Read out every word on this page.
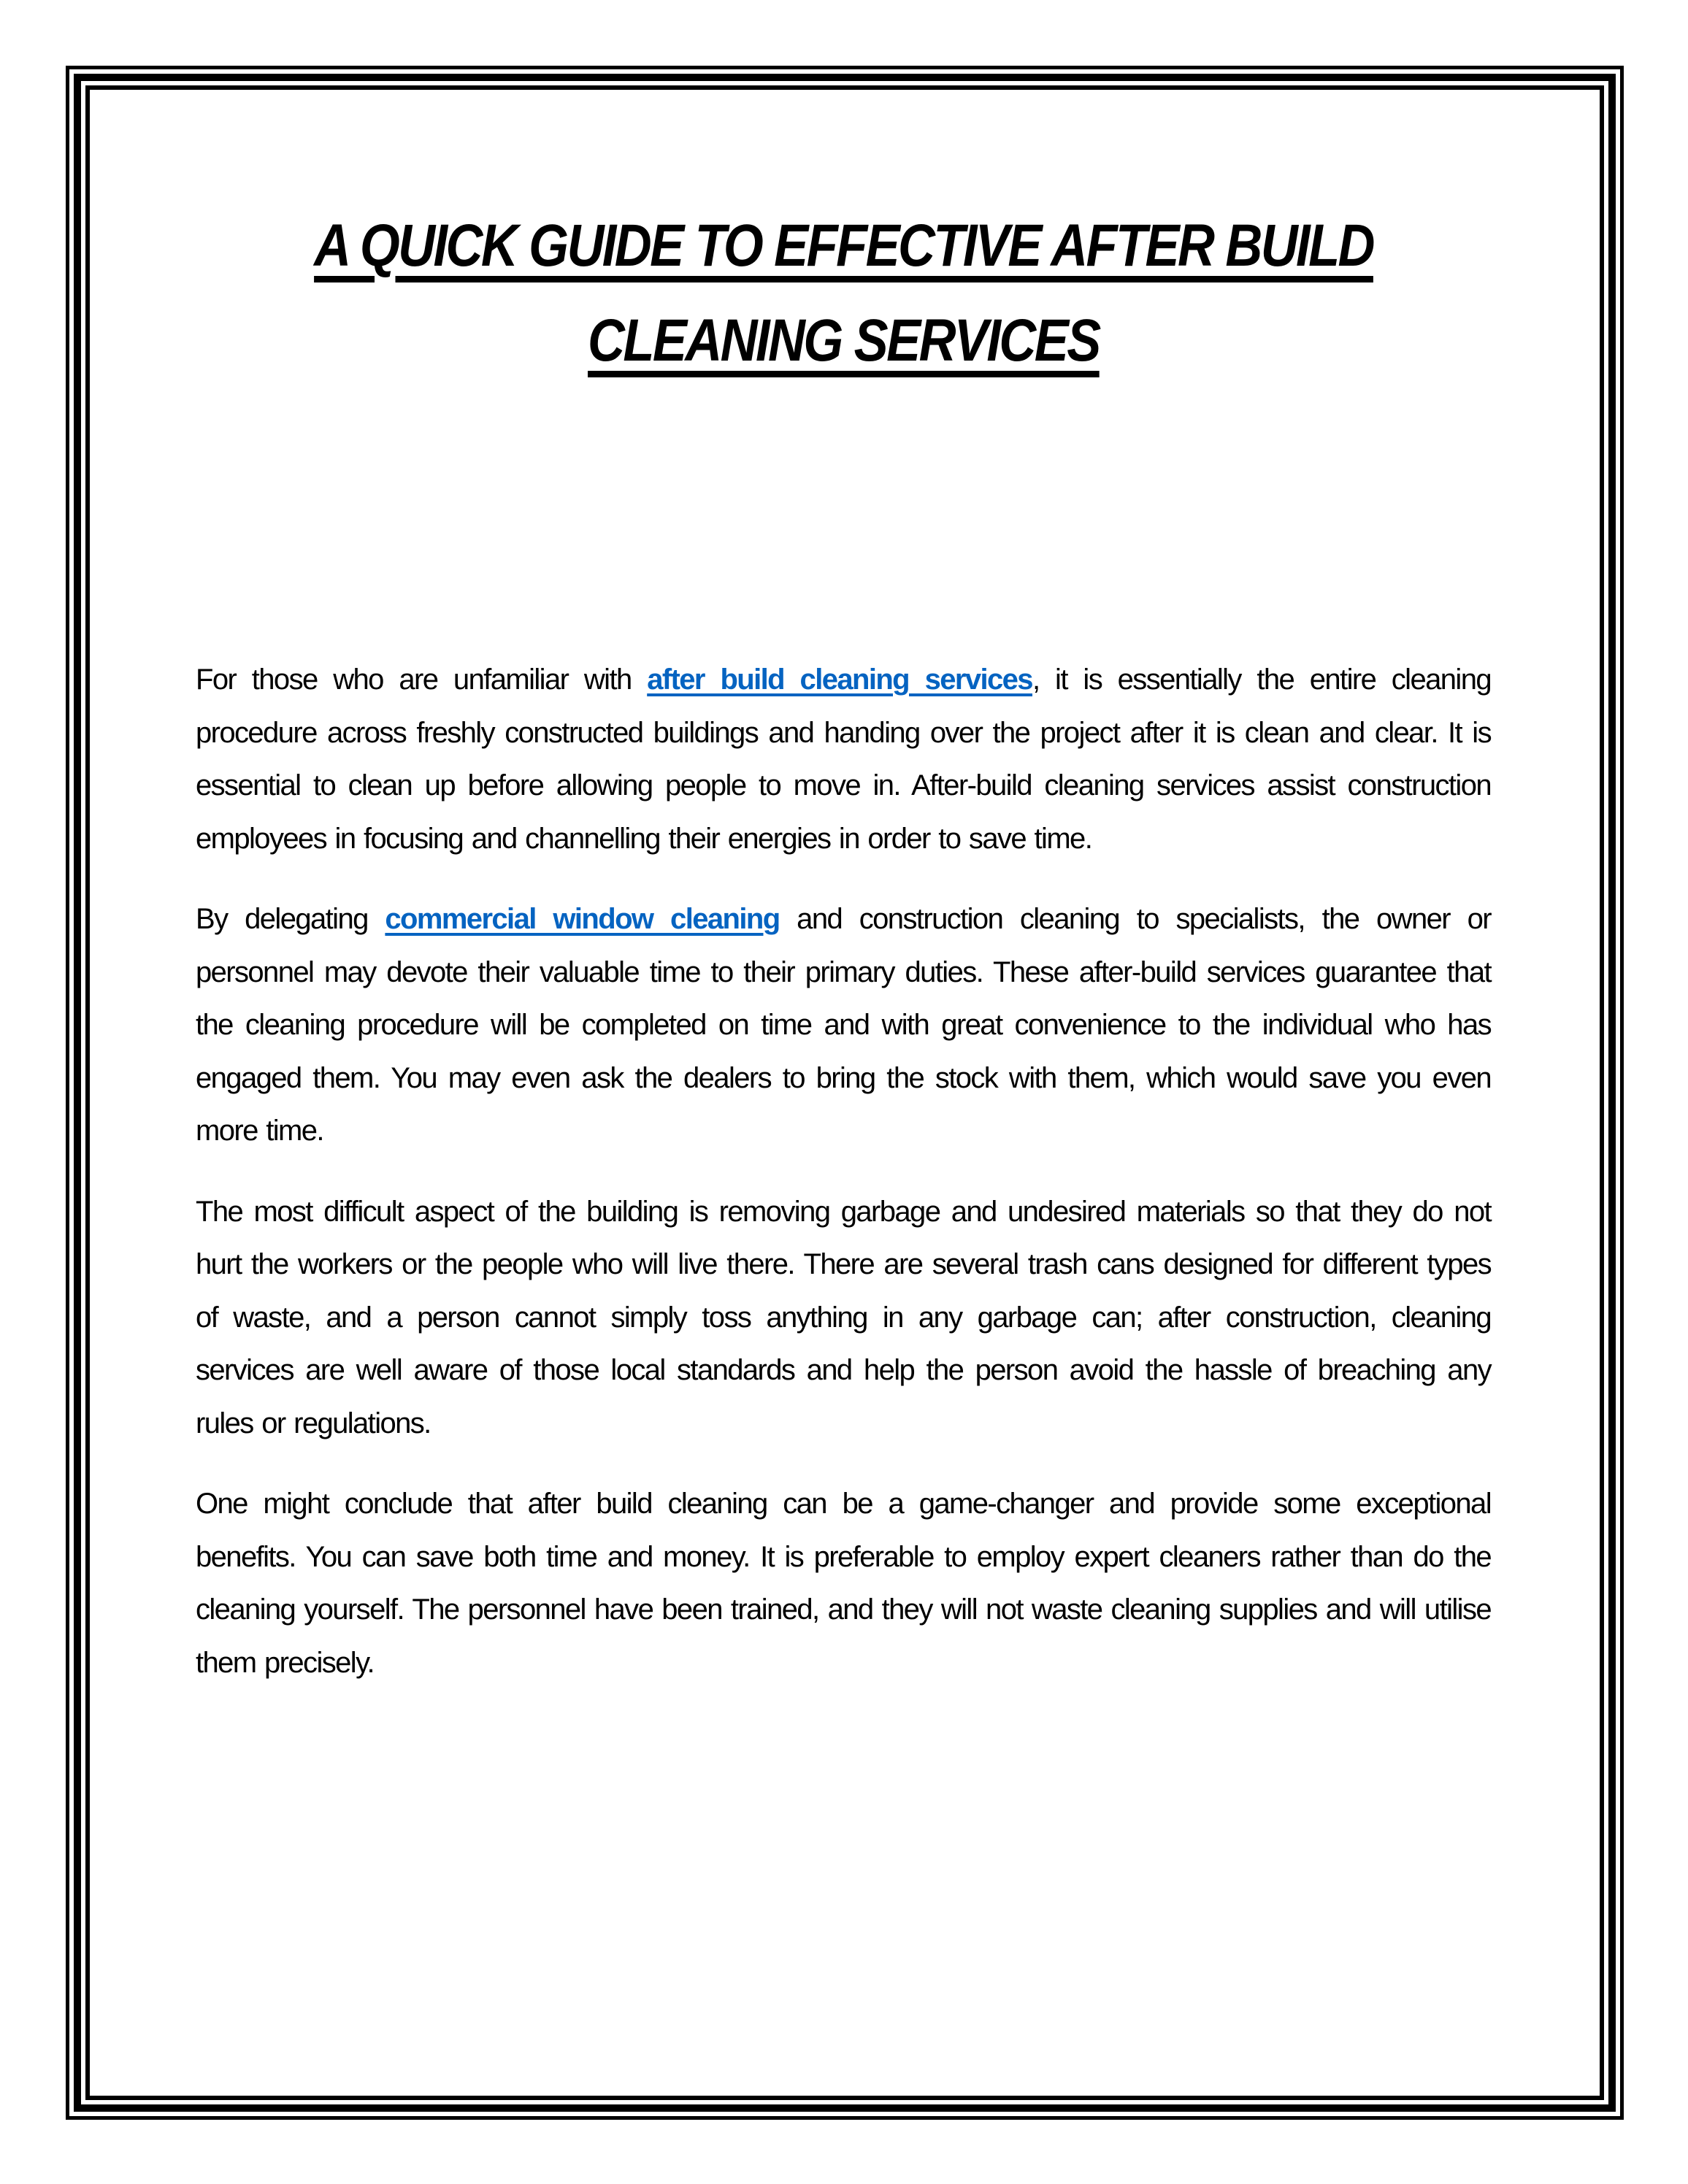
A QUICK GUIDE TO EFFECTIVE AFTER BUILD
CLEANING SERVICES

For those who are unfamiliar with after build cleaning services, it is essentially the entire cleaning procedure across freshly constructed buildings and handing over the project after it is clean and clear. It is essential to clean up before allowing people to move in. After-build cleaning services assist construction employees in focusing and channelling their energies in order to save time.

By delegating commercial window cleaning and construction cleaning to specialists, the owner or personnel may devote their valuable time to their primary duties. These after-build services guarantee that the cleaning procedure will be completed on time and with great convenience to the individual who has engaged them. You may even ask the dealers to bring the stock with them, which would save you even more time.

The most difficult aspect of the building is removing garbage and undesired materials so that they do not hurt the workers or the people who will live there. There are several trash cans designed for different types of waste, and a person cannot simply toss anything in any garbage can; after construction, cleaning services are well aware of those local standards and help the person avoid the hassle of breaching any rules or regulations.

One might conclude that after build cleaning can be a game-changer and provide some exceptional benefits. You can save both time and money. It is preferable to employ expert cleaners rather than do the cleaning yourself. The personnel have been trained, and they will not waste cleaning supplies and will utilise them precisely.
